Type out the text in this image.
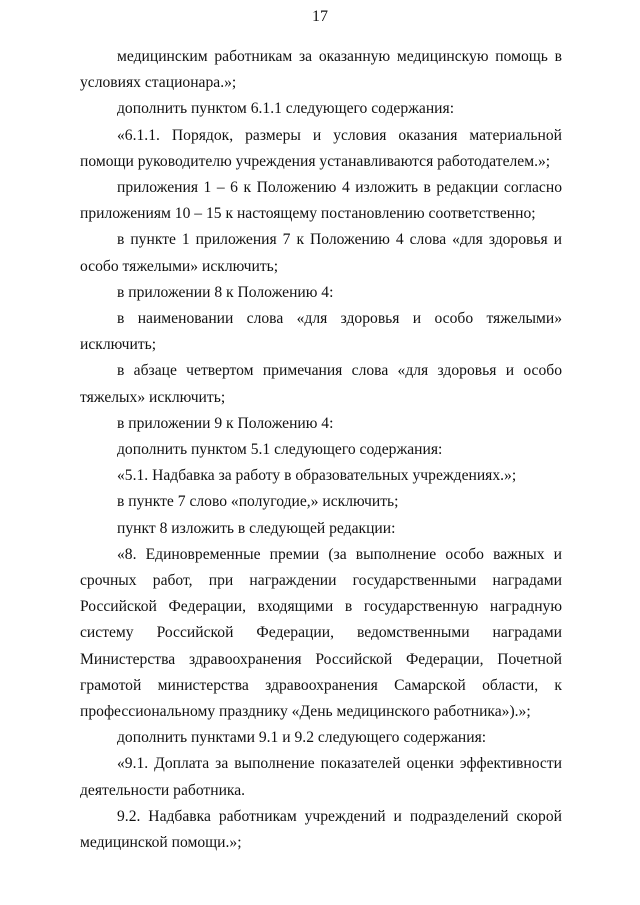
17

медицинским работникам за оказанную медицинскую помощь в условиях стационара.»;

дополнить пунктом 6.1.1 следующего содержания:

«6.1.1. Порядок, размеры и условия оказания материальной помощи руководителю учреждения устанавливаются работодателем.»;

приложения 1 – 6 к Положению 4 изложить в редакции согласно приложениям 10 – 15 к настоящему постановлению соответственно;

в пункте 1 приложения 7 к Положению 4 слова «для здоровья и особо тяжелыми» исключить;

в приложении 8 к Положению 4:

в наименовании слова «для здоровья и особо тяжелыми» исключить;

в абзаце четвертом примечания слова «для здоровья и особо тяжелых» исключить;

в приложении 9 к Положению 4:

дополнить пунктом 5.1 следующего содержания:

«5.1. Надбавка за работу в образовательных учреждениях.»;

в пункте 7 слово «полугодие,» исключить;

пункт 8 изложить в следующей редакции:

«8. Единовременные премии (за выполнение особо важных и срочных работ, при награждении государственными наградами Российской Федерации, входящими в государственную наградную систему Российской Федерации, ведомственными наградами Министерства здравоохранения Российской Федерации, Почетной грамотой министерства здравоохранения Самарской области, к профессиональному празднику «День медицинского работника»).»;

дополнить пунктами 9.1 и 9.2 следующего содержания:

«9.1. Доплата за выполнение показателей оценки эффективности деятельности работника.

9.2. Надбавка работникам учреждений и подразделений скорой медицинской помощи.»;
